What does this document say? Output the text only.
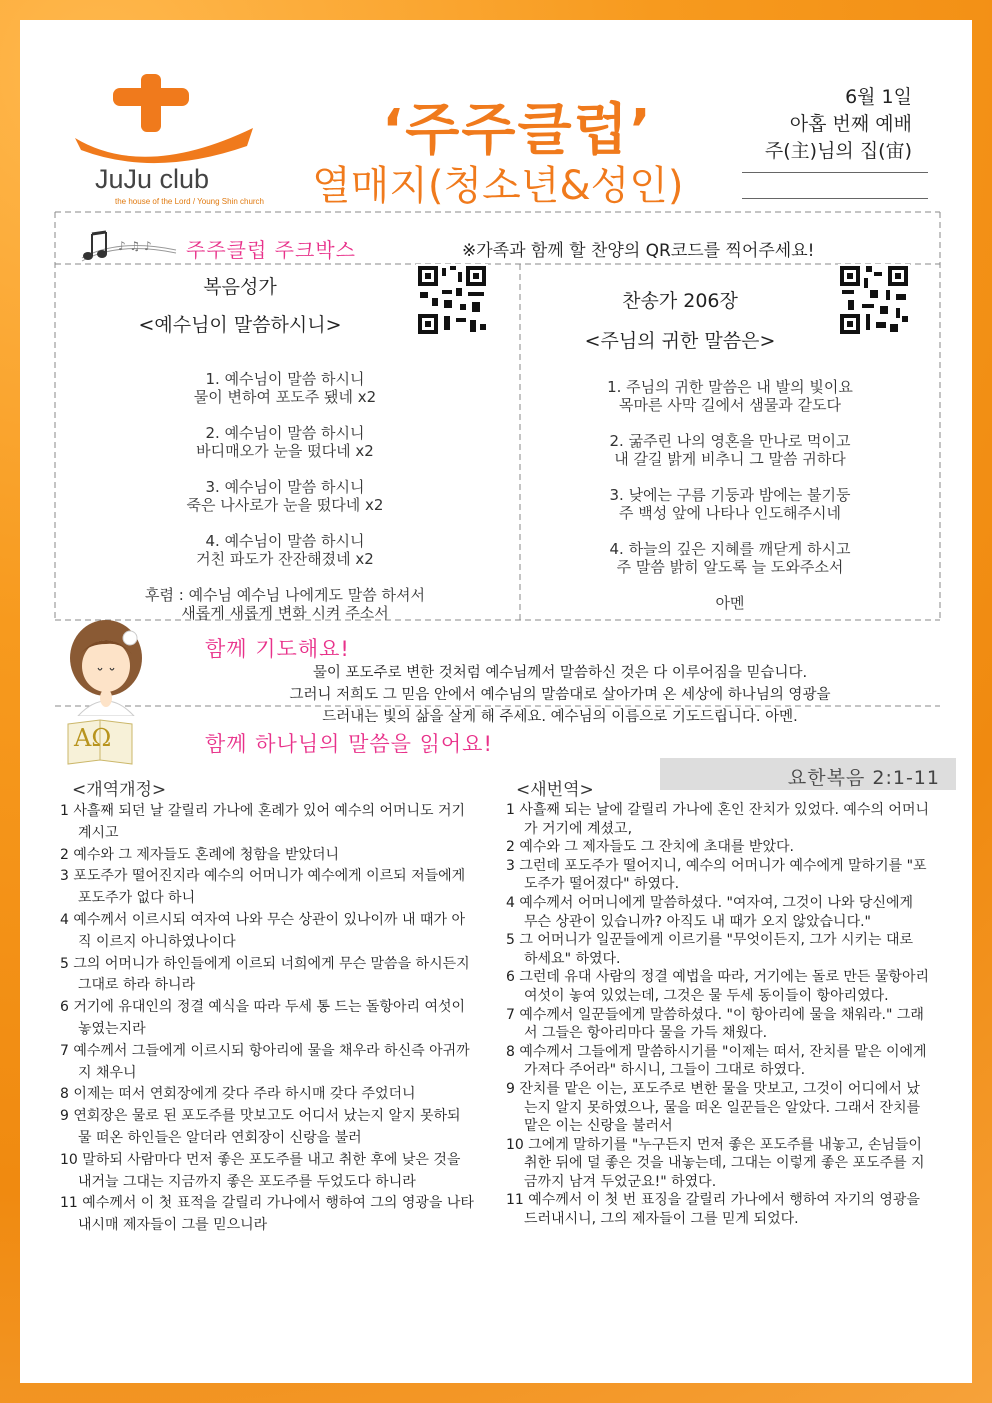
JuJu club
the house of the Lord / Young Shin church
‘주주클럽’
열매지(청소년&성인)
6월 1일
아홉 번째 예배
주(主)님의 집(宙)
♪ ♫ ♪ 주주클럽 주크박스	※가족과 함께 할 찬양의 QR코드를 찍어주세요!
복음성가
<예수님이 말씀하시니>

1. 예수님이 말씀 하시니
물이 변하여 포도주 됐네 x2

2. 예수님이 말씀 하시니
바디매오가 눈을 떴다네 x2

3. 예수님이 말씀 하시니
죽은 나사로가 눈을 떴다네 x2

4. 예수님이 말씀 하시니
거친 파도가 잔잔해졌네 x2

후렴 : 예수님 예수님 나에게도 말씀 하셔서
새롭게 새롭게 변화 시켜 주소서

찬송가 206장
<주님의 귀한 말씀은>

1. 주님의 귀한 말씀은 내 발의 빛이요
목마른 사막 길에서 샘물과 같도다

2. 굶주린 나의 영혼을 만나로 먹이고
내 갈길 밝게 비추니 그 말씀 귀하다

3. 낮에는 구름 기둥과 밤에는 불기둥
주 백성 앞에 나타나 인도해주시네

4. 하늘의 깊은 지혜를 깨닫게 하시고
주 말씀 밝히 알도록 늘 도와주소서

아멘

함께 기도해요!
물이 포도주로 변한 것처럼 예수님께서 말씀하신 것은 다 이루어짐을 믿습니다.
그러니 저희도 그 믿음 안에서 예수님의 말씀대로 살아가며 온 세상에 하나님의 영광을
드러내는 빛의 삶을 살게 해 주세요. 예수님의 이름으로 기도드립니다. 아멘.
AΩ	함께 하나님의 말씀을 읽어요!
요한복음 2:1-11
<개역개정>	<새번역>

1 사흘째 되던 날 갈릴리 가나에 혼례가 있어 예수의 어머니도 거기 계시고

2 예수와 그 제자들도 혼례에 청함을 받았더니

3 포도주가 떨어진지라 예수의 어머니가 예수에게 이르되 저들에게 포도주가 없다 하니

4 예수께서 이르시되 여자여 나와 무슨 상관이 있나이까 내 때가 아직 이르지 아니하였나이다

5 그의 어머니가 하인들에게 이르되 너희에게 무슨 말씀을 하시든지 그대로 하라 하니라

6 거기에 유대인의 정결 예식을 따라 두세 통 드는 돌항아리 여섯이 놓였는지라

7 예수께서 그들에게 이르시되 항아리에 물을 채우라 하신즉 아귀까지 채우니

8 이제는 떠서 연회장에게 갖다 주라 하시매 갖다 주었더니

9 연회장은 물로 된 포도주를 맛보고도 어디서 났는지 알지 못하되 물 떠온 하인들은 알더라 연회장이 신랑을 불러

10 말하되 사람마다 먼저 좋은 포도주를 내고 취한 후에 낮은 것을 내거늘 그대는 지금까지 좋은 포도주를 두었도다 하니라

11 예수께서 이 첫 표적을 갈릴리 가나에서 행하여 그의 영광을 나타내시매 제자들이 그를 믿으니라

1 사흘째 되는 날에 갈릴리 가나에 혼인 잔치가 있었다. 예수의 어머니가 거기에 계셨고,

2 예수와 그 제자들도 그 잔치에 초대를 받았다.

3 그런데 포도주가 떨어지니, 예수의 어머니가 예수에게 말하기를 "포도주가 떨어졌다" 하였다.

4 예수께서 어머니에게 말씀하셨다. "여자여, 그것이 나와 당신에게 무슨 상관이 있습니까? 아직도 내 때가 오지 않았습니다."

5 그 어머니가 일꾼들에게 이르기를 "무엇이든지, 그가 시키는 대로 하세요" 하였다.

6 그런데 유대 사람의 정결 예법을 따라, 거기에는 돌로 만든 물항아리 여섯이 놓여 있었는데, 그것은 물 두세 동이들이 항아리였다.

7 예수께서 일꾼들에게 말씀하셨다. "이 항아리에 물을 채워라." 그래서 그들은 항아리마다 물을 가득 채웠다.

8 예수께서 그들에게 말씀하시기를 "이제는 떠서, 잔치를 맡은 이에게 가져다 주어라" 하시니, 그들이 그대로 하였다.

9 잔치를 맡은 이는, 포도주로 변한 물을 맛보고, 그것이 어디에서 났는지 알지 못하였으나, 물을 떠온 일꾼들은 알았다. 그래서 잔치를 맡은 이는 신랑을 불러서

10 그에게 말하기를 "누구든지 먼저 좋은 포도주를 내놓고, 손님들이 취한 뒤에 덜 좋은 것을 내놓는데, 그대는 이렇게 좋은 포도주를 지금까지 남겨 두었군요!" 하였다.

11 예수께서 이 첫 번 표징을 갈릴리 가나에서 행하여 자기의 영광을 드러내시니, 그의 제자들이 그를 믿게 되었다.
